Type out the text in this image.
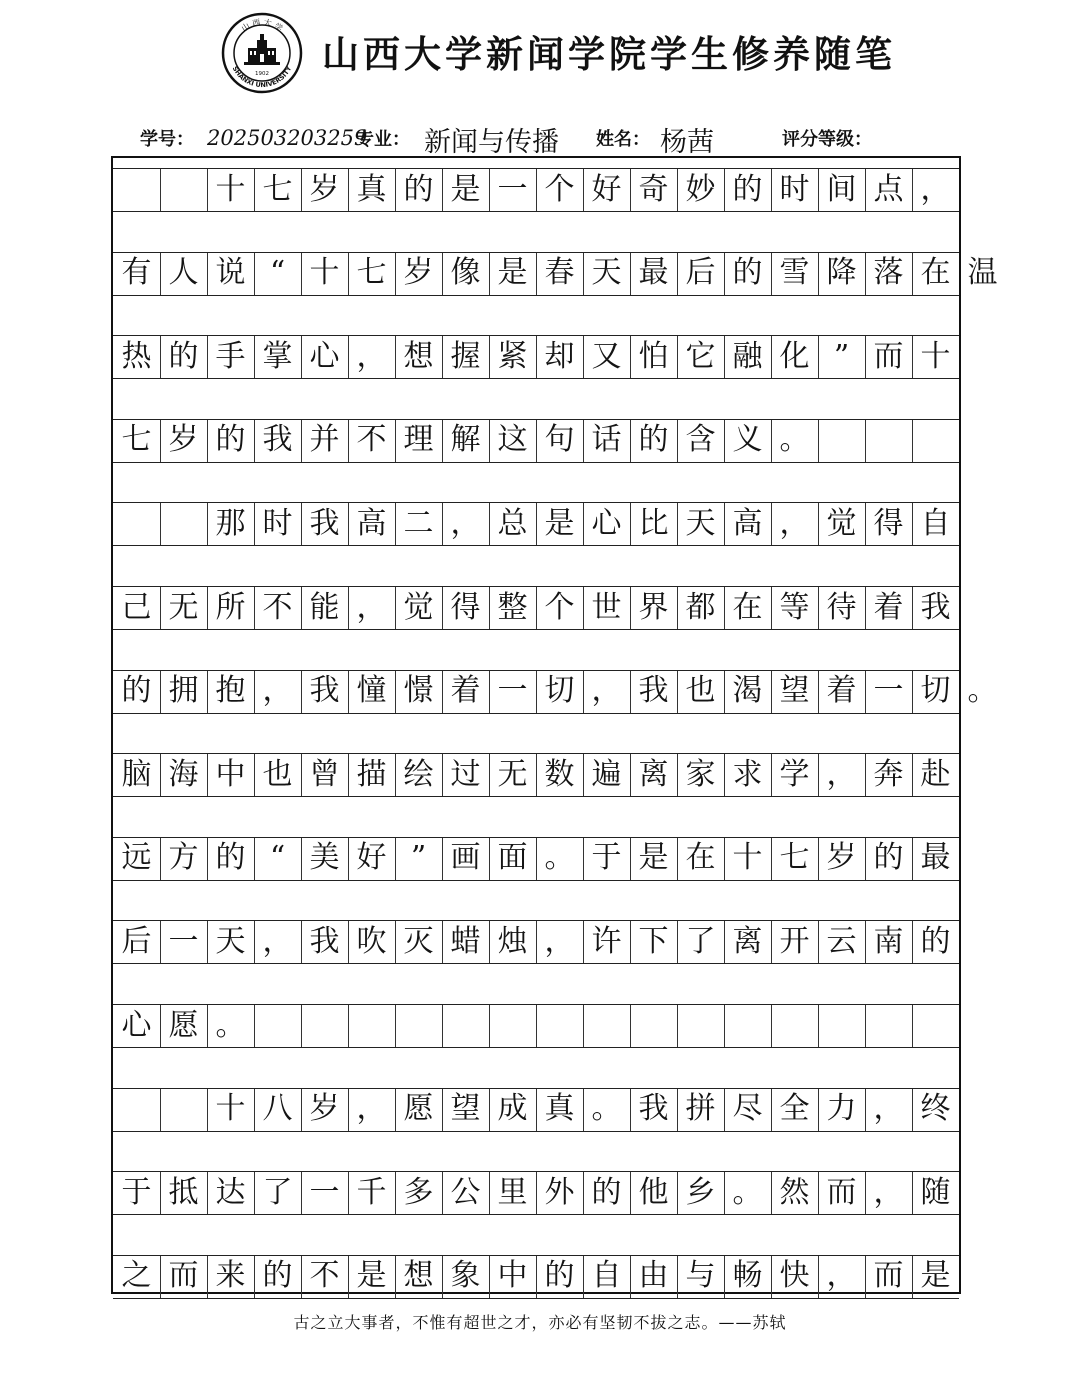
山 西 大 学
SHANXI UNIVERSITY
1902 山西大学新闻学院学生修养随笔
学号： 202503203259
专业： 新闻与传播 姓名： 杨茜	评分等级：
十 七 岁 真 的 是 一 个 好 奇 妙 的 时 间 点 ，
有 人 说 “ 十 七 岁 像 是 春 天 最 后 的 雪 降 落 在 温
热 的 手 掌 心 ， 想 握 紧 却 又 怕 它 融 化 ” 而 十
七 岁 的 我 并 不 理 解 这 句 话 的 含 义 。
那 时 我 高 二 ， 总 是 心 比 天 高 ， 觉 得 自
己 无 所 不 能 ， 觉 得 整 个 世 界 都 在 等 待 着 我
的 拥 抱 ， 我 憧 憬 着 一 切 ， 我 也 渴 望 着 一 切 。
脑 海 中 也 曾 描 绘 过 无 数 遍 离 家 求 学 ， 奔 赴
远 方 的 “ 美 好 ” 画 面 。 于 是 在 十 七 岁 的 最
后 一 天 ， 我 吹 灭 蜡 烛 ， 许 下 了 离 开 云 南 的
心 愿 。
十 八 岁 ， 愿 望 成 真 。 我 拼 尽 全 力 ， 终
于 抵 达 了 一 千 多 公 里 外 的 他 乡 。 然 而 ， 随
之 而 来 的 不 是 想 象 中 的 自 由 与 畅 快 ， 而 是
古之立大事者，不惟有超世之才，亦必有坚韧不拔之志。——苏轼
